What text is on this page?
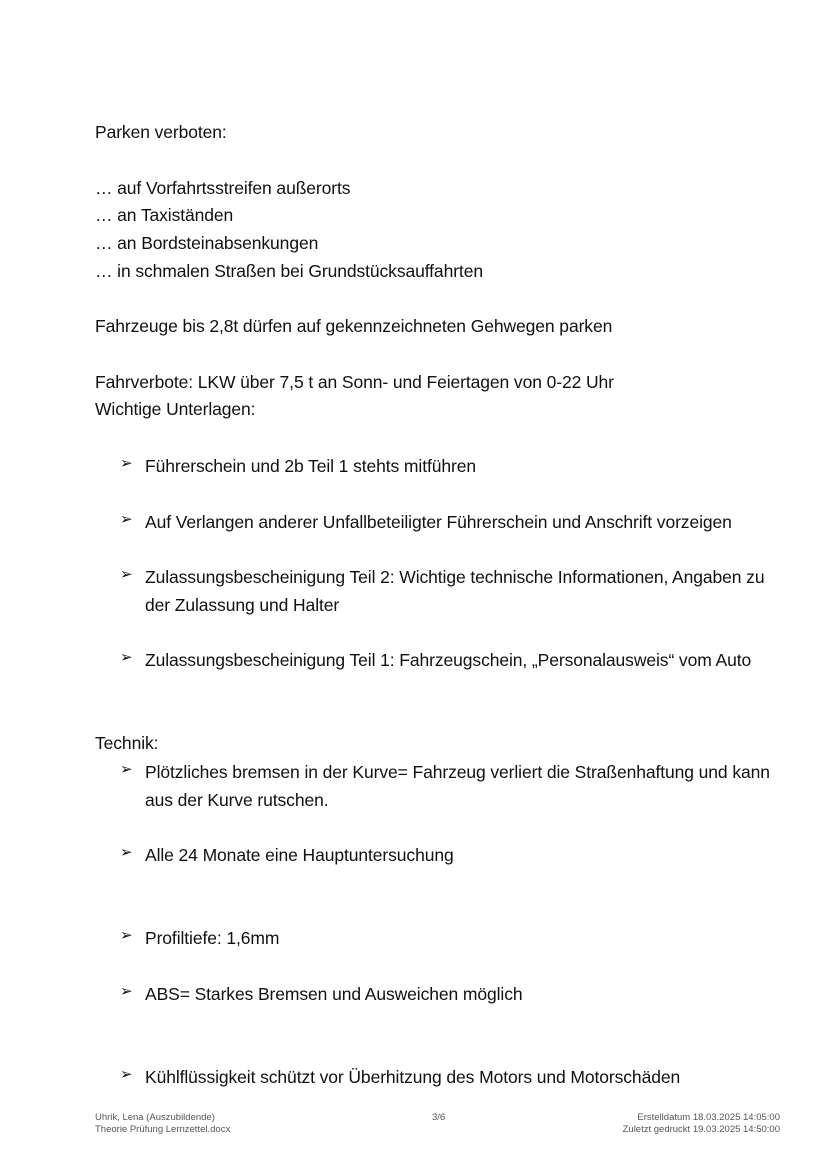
Parken verboten:
… auf Vorfahrtsstreifen außerorts
… an Taxiständen
… an Bordsteinabsenkungen
… in schmalen Straßen bei Grundstücksauffahrten
Fahrzeuge bis 2,8t dürfen auf gekennzeichneten Gehwegen parken
Fahrverbote: LKW über 7,5 t an Sonn- und Feiertagen von 0-22 Uhr
Wichtige Unterlagen:
➢ Führerschein und 2b Teil 1 stehts mitführen
➢ Auf Verlangen anderer Unfallbeteiligter Führerschein und Anschrift vorzeigen
➢ Zulassungsbescheinigung Teil 2: Wichtige technische Informationen, Angaben zu der Zulassung und Halter
➢ Zulassungsbescheinigung Teil 1: Fahrzeugschein, „Personalausweis“ vom Auto
Technik:
➢ Plötzliches bremsen in der Kurve= Fahrzeug verliert die Straßenhaftung und kann aus der Kurve rutschen.
➢ Alle 24 Monate eine Hauptuntersuchung
➢ Profiltiefe: 1,6mm
➢ ABS= Starkes Bremsen und Ausweichen möglich
➢ Kühlflüssigkeit schützt vor Überhitzung des Motors und Motorschäden
Uhrik, Lena (Auszubildende)
Theorie Prüfung Lernzettel.docx
3/6	Erstelldatum 18.03.2025 14:05:00
Zuletzt gedruckt 19.03.2025 14:50:00
